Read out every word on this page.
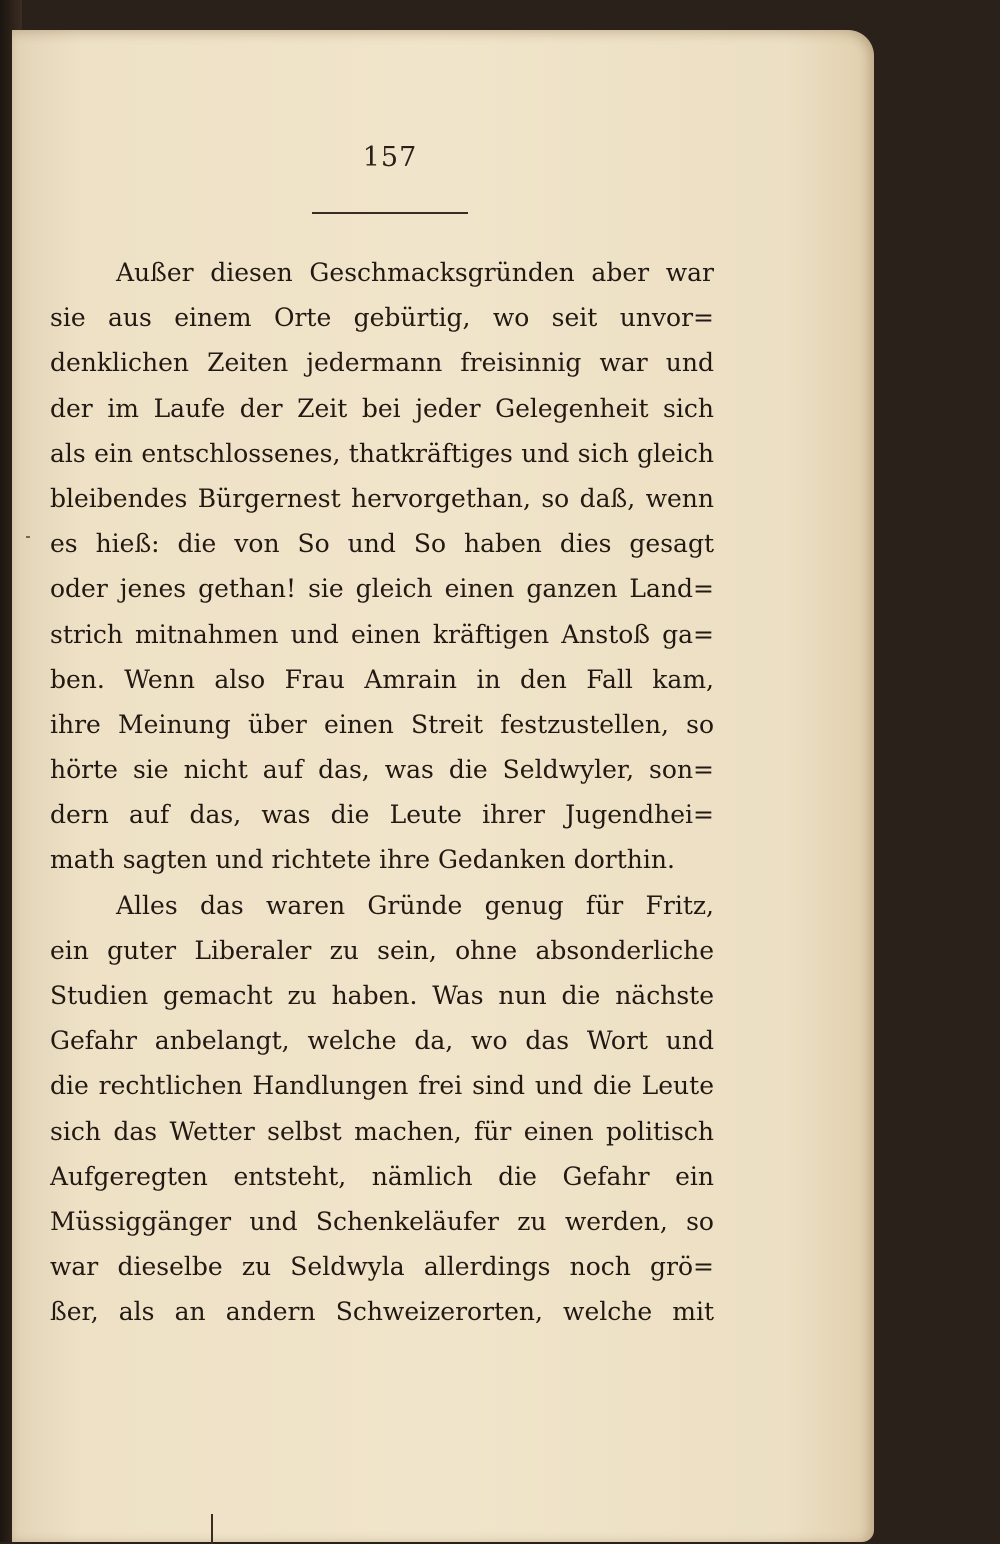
157
Außer diesen Geschmacksgründen aber war
sie aus einem Orte gebürtig, wo seit unvor=
denklichen Zeiten jedermann freisinnig war und
der im Laufe der Zeit bei jeder Gelegenheit sich
als ein entschlossenes, thatkräftiges und sich gleich
bleibendes Bürgernest hervorgethan, so daß, wenn
es hieß: die von So und So haben dies gesagt
oder jenes gethan! sie gleich einen ganzen Land=
strich mitnahmen und einen kräftigen Anstoß ga=
ben. Wenn also Frau Amrain in den Fall kam,
ihre Meinung über einen Streit festzustellen, so
hörte sie nicht auf das, was die Seldwyler, son=
dern auf das, was die Leute ihrer Jugendhei=
math sagten und richtete ihre Gedanken dorthin.
Alles das waren Gründe genug für Fritz,
ein guter Liberaler zu sein, ohne absonderliche
Studien gemacht zu haben. Was nun die nächste
Gefahr anbelangt, welche da, wo das Wort und
die rechtlichen Handlungen frei sind und die Leute
sich das Wetter selbst machen, für einen politisch
Aufgeregten entsteht, nämlich die Gefahr ein
Müssiggänger und Schenkeläufer zu werden, so
war dieselbe zu Seldwyla allerdings noch grö=
ßer, als an andern Schweizerorten, welche mit
